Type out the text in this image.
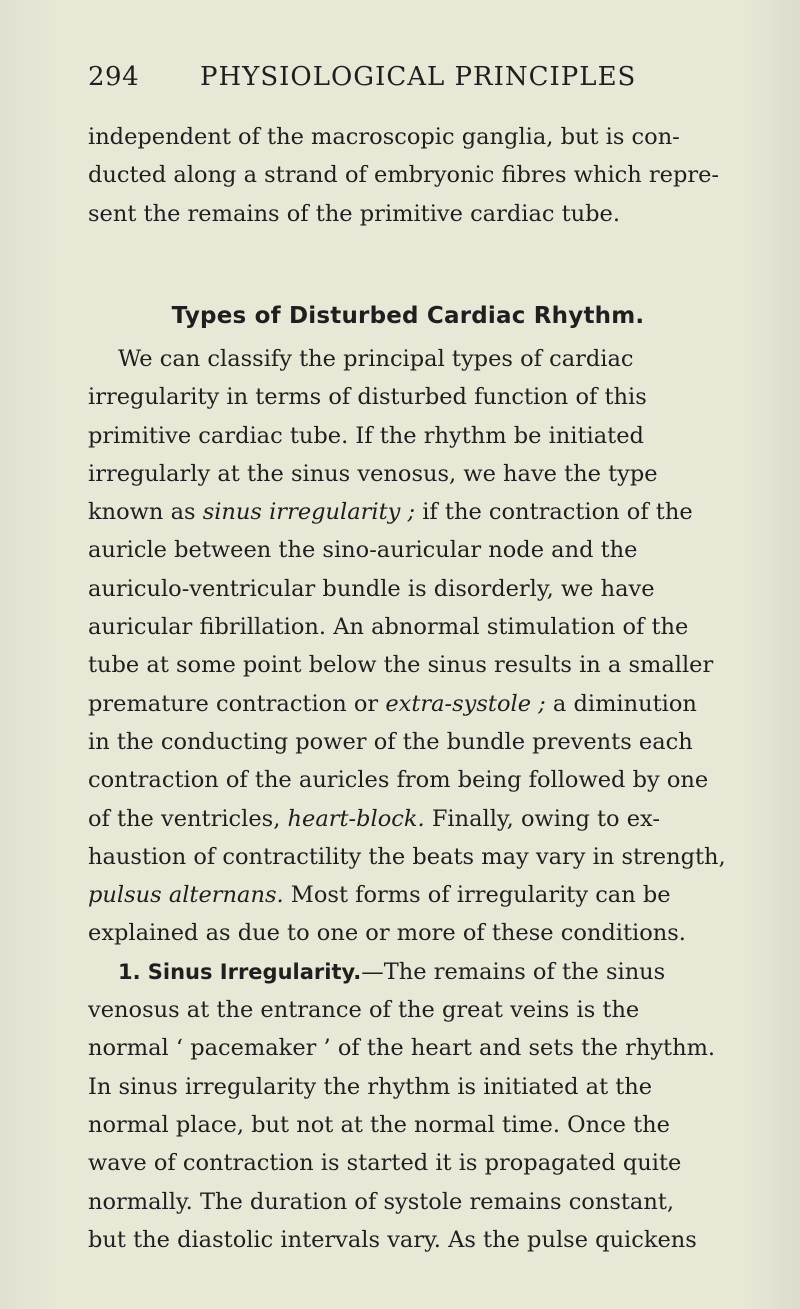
294 PHYSIOLOGICAL PRINCIPLES
independent of the macroscopic ganglia, but is con-
ducted along a strand of embryonic fibres which repre-
sent the remains of the primitive cardiac tube.
Types of Disturbed Cardiac Rhythm.
We can classify the principal types of cardiac
irregularity in terms of disturbed function of this
primitive cardiac tube. If the rhythm be initiated
irregularly at the sinus venosus, we have the type
known as sinus irregularity ; if the contraction of the
auricle between the sino-auricular node and the
auriculo-ventricular bundle is disorderly, we have
auricular fibrillation. An abnormal stimulation of the
tube at some point below the sinus results in a smaller
premature contraction or extra-systole ; a diminution
in the conducting power of the bundle prevents each
contraction of the auricles from being followed by one
of the ventricles, heart-block. Finally, owing to ex-
haustion of contractility the beats may vary in strength,
pulsus alternans. Most forms of irregularity can be
explained as due to one or more of these conditions.
1. Sinus Irregularity.—The remains of the sinus
venosus at the entrance of the great veins is the
normal ‘ pacemaker ’ of the heart and sets the rhythm.
In sinus irregularity the rhythm is initiated at the
normal place, but not at the normal time. Once the
wave of contraction is started it is propagated quite
normally. The duration of systole remains constant,
but the diastolic intervals vary. As the pulse quickens
